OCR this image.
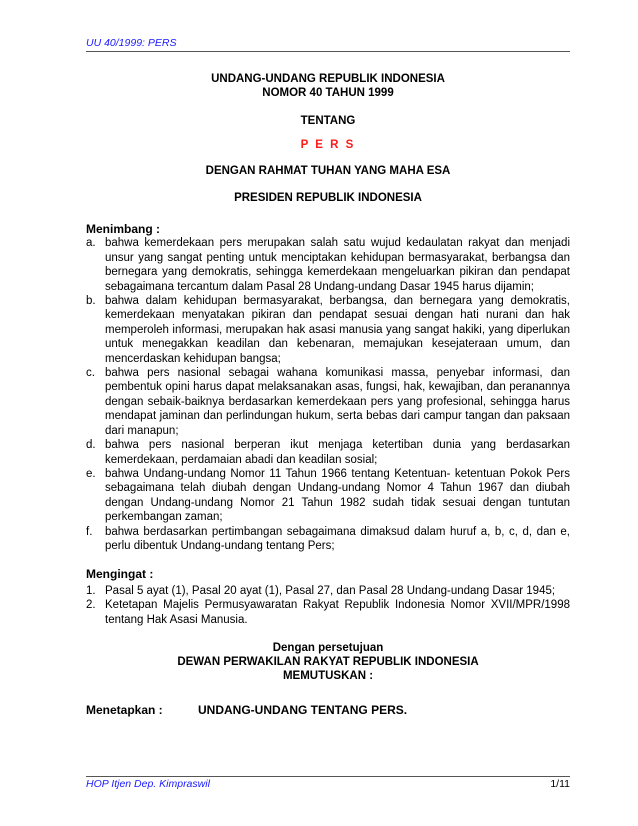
UU 40/1999: PERS
UNDANG-UNDANG REPUBLIK INDONESIA
NOMOR 40 TAHUN 1999
TENTANG
P E R S
DENGAN RAHMAT TUHAN YANG MAHA ESA
PRESIDEN REPUBLIK INDONESIA
Menimbang :
a. bahwa kemerdekaan pers merupakan salah satu wujud kedaulatan rakyat dan menjadi unsur yang sangat penting untuk menciptakan kehidupan bermasyarakat, berbangsa dan bernegara yang demokratis, sehingga kemerdekaan mengeluarkan pikiran dan pendapat sebagaimana tercantum dalam Pasal 28 Undang-undang Dasar 1945 harus dijamin;
b. bahwa dalam kehidupan bermasyarakat, berbangsa, dan bernegara yang demokratis, kemerdekaan menyatakan pikiran dan pendapat sesuai dengan hati nurani dan hak memperoleh informasi, merupakan hak asasi manusia yang sangat hakiki, yang diperlukan untuk menegakkan keadilan dan kebenaran, memajukan kesejateraan umum, dan mencerdaskan kehidupan bangsa;
c. bahwa pers nasional sebagai wahana komunikasi massa, penyebar informasi, dan pembentuk opini harus dapat melaksanakan asas, fungsi, hak, kewajiban, dan peranannya dengan sebaik-baiknya berdasarkan kemerdekaan pers yang profesional, sehingga harus mendapat jaminan dan perlindungan hukum, serta bebas dari campur tangan dan paksaan dari manapun;
d. bahwa pers nasional berperan ikut menjaga ketertiban dunia yang berdasarkan kemerdekaan, perdamaian abadi dan keadilan sosial;
e. bahwa Undang-undang Nomor 11 Tahun 1966 tentang Ketentuan- ketentuan Pokok Pers sebagaimana telah diubah dengan Undang-undang Nomor 4 Tahun 1967 dan diubah dengan Undang-undang Nomor 21 Tahun 1982 sudah tidak sesuai dengan tuntutan perkembangan zaman;
f.	bahwa berdasarkan pertimbangan sebagaimana dimaksud dalam huruf a, b, c, d, dan e, perlu dibentuk Undang-undang tentang Pers;
Mengingat :
1. Pasal 5 ayat (1), Pasal 20 ayat (1), Pasal 27, dan Pasal 28 Undang-undang Dasar 1945;
2. Ketetapan Majelis Permusyawaratan Rakyat Republik Indonesia Nomor XVII/MPR/1998 tentang Hak Asasi Manusia.
Dengan persetujuan
DEWAN PERWAKILAN RAKYAT REPUBLIK INDONESIA
MEMUTUSKAN :
Menetapkan :	UNDANG-UNDANG TENTANG PERS.
HOP Itjen Dep. Kimpraswil	1/11
